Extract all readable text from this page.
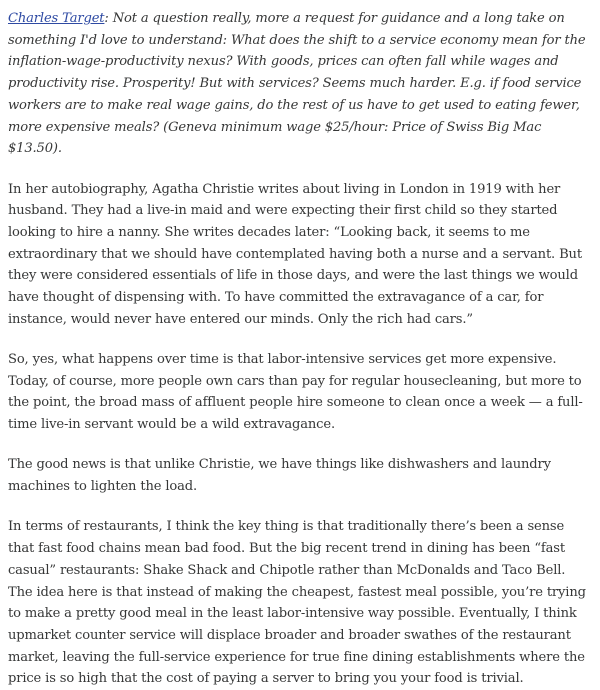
Charles Target: Not a question really, more a request for guidance and a long take on something I'd love to understand: What does the shift to a service economy mean for the inflation-wage-productivity nexus? With goods, prices can often fall while wages and productivity rise. Prosperity! But with services? Seems much harder. E.g. if food service workers are to make real wage gains, do the rest of us have to get used to eating fewer, more expensive meals? (Geneva minimum wage $25/hour: Price of Swiss Big Mac $13.50).

In her autobiography, Agatha Christie writes about living in London in 1919 with her husband. They had a live-in maid and were expecting their first child so they started looking to hire a nanny. She writes decades later: “Looking back, it seems to me extraordinary that we should have contemplated having both a nurse and a servant. But they were considered essentials of life in those days, and were the last things we would have thought of dispensing with. To have committed the extravagance of a car, for instance, would never have entered our minds. Only the rich had cars.”

So, yes, what happens over time is that labor-intensive services get more expensive. Today, of course, more people own cars than pay for regular housecleaning, but more to the point, the broad mass of affluent people hire someone to clean once a week — a full-time live-in servant would be a wild extravagance.

The good news is that unlike Christie, we have things like dishwashers and laundry machines to lighten the load.

In terms of restaurants, I think the key thing is that traditionally there’s been a sense that fast food chains mean bad food. But the big recent trend in dining has been “fast casual” restaurants: Shake Shack and Chipotle rather than McDonalds and Taco Bell. The idea here is that instead of making the cheapest, fastest meal possible, you’re trying to make a pretty good meal in the least labor-intensive way possible. Eventually, I think upmarket counter service will displace broader and broader swathes of the restaurant market, leaving the full-service experience for true fine dining establishments where the price is so high that the cost of paying a server to bring you your food is trivial.
